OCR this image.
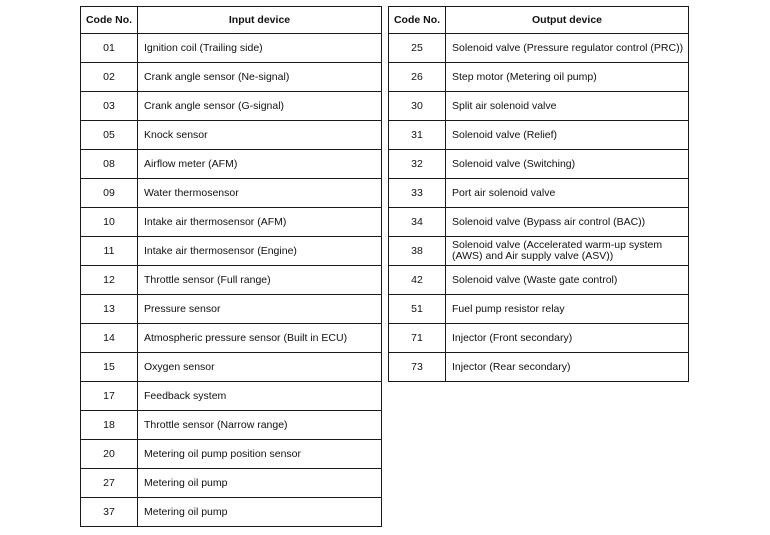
Code No.	Input device
01	Ignition coil (Trailing side)
02	Crank angle sensor (Ne-signal)
03	Crank angle sensor (G-signal)
05	Knock sensor
08	Airflow meter (AFM)
09	Water thermosensor
10	Intake air thermosensor (AFM)
11	Intake air thermosensor (Engine)
12	Throttle sensor (Full range)
13	Pressure sensor
14	Atmospheric pressure sensor (Built in ECU)
15	Oxygen sensor
17	Feedback system
18	Throttle sensor (Narrow range)
20	Metering oil pump position sensor
27	Metering oil pump
37	Metering oil pump
Code No.	Output device
25	Solenoid valve (Pressure regulator control (PRC))
26	Step motor (Metering oil pump)
30	Split air solenoid valve
31	Solenoid valve (Relief)
32	Solenoid valve (Switching)
33	Port air solenoid valve
34	Solenoid valve (Bypass air control (BAC))
38	Solenoid valve (Accelerated warm-up system (AWS) and Air supply valve (ASV))
42	Solenoid valve (Waste gate control)
51	Fuel pump resistor relay
71	Injector (Front secondary)
73	Injector (Rear secondary)
